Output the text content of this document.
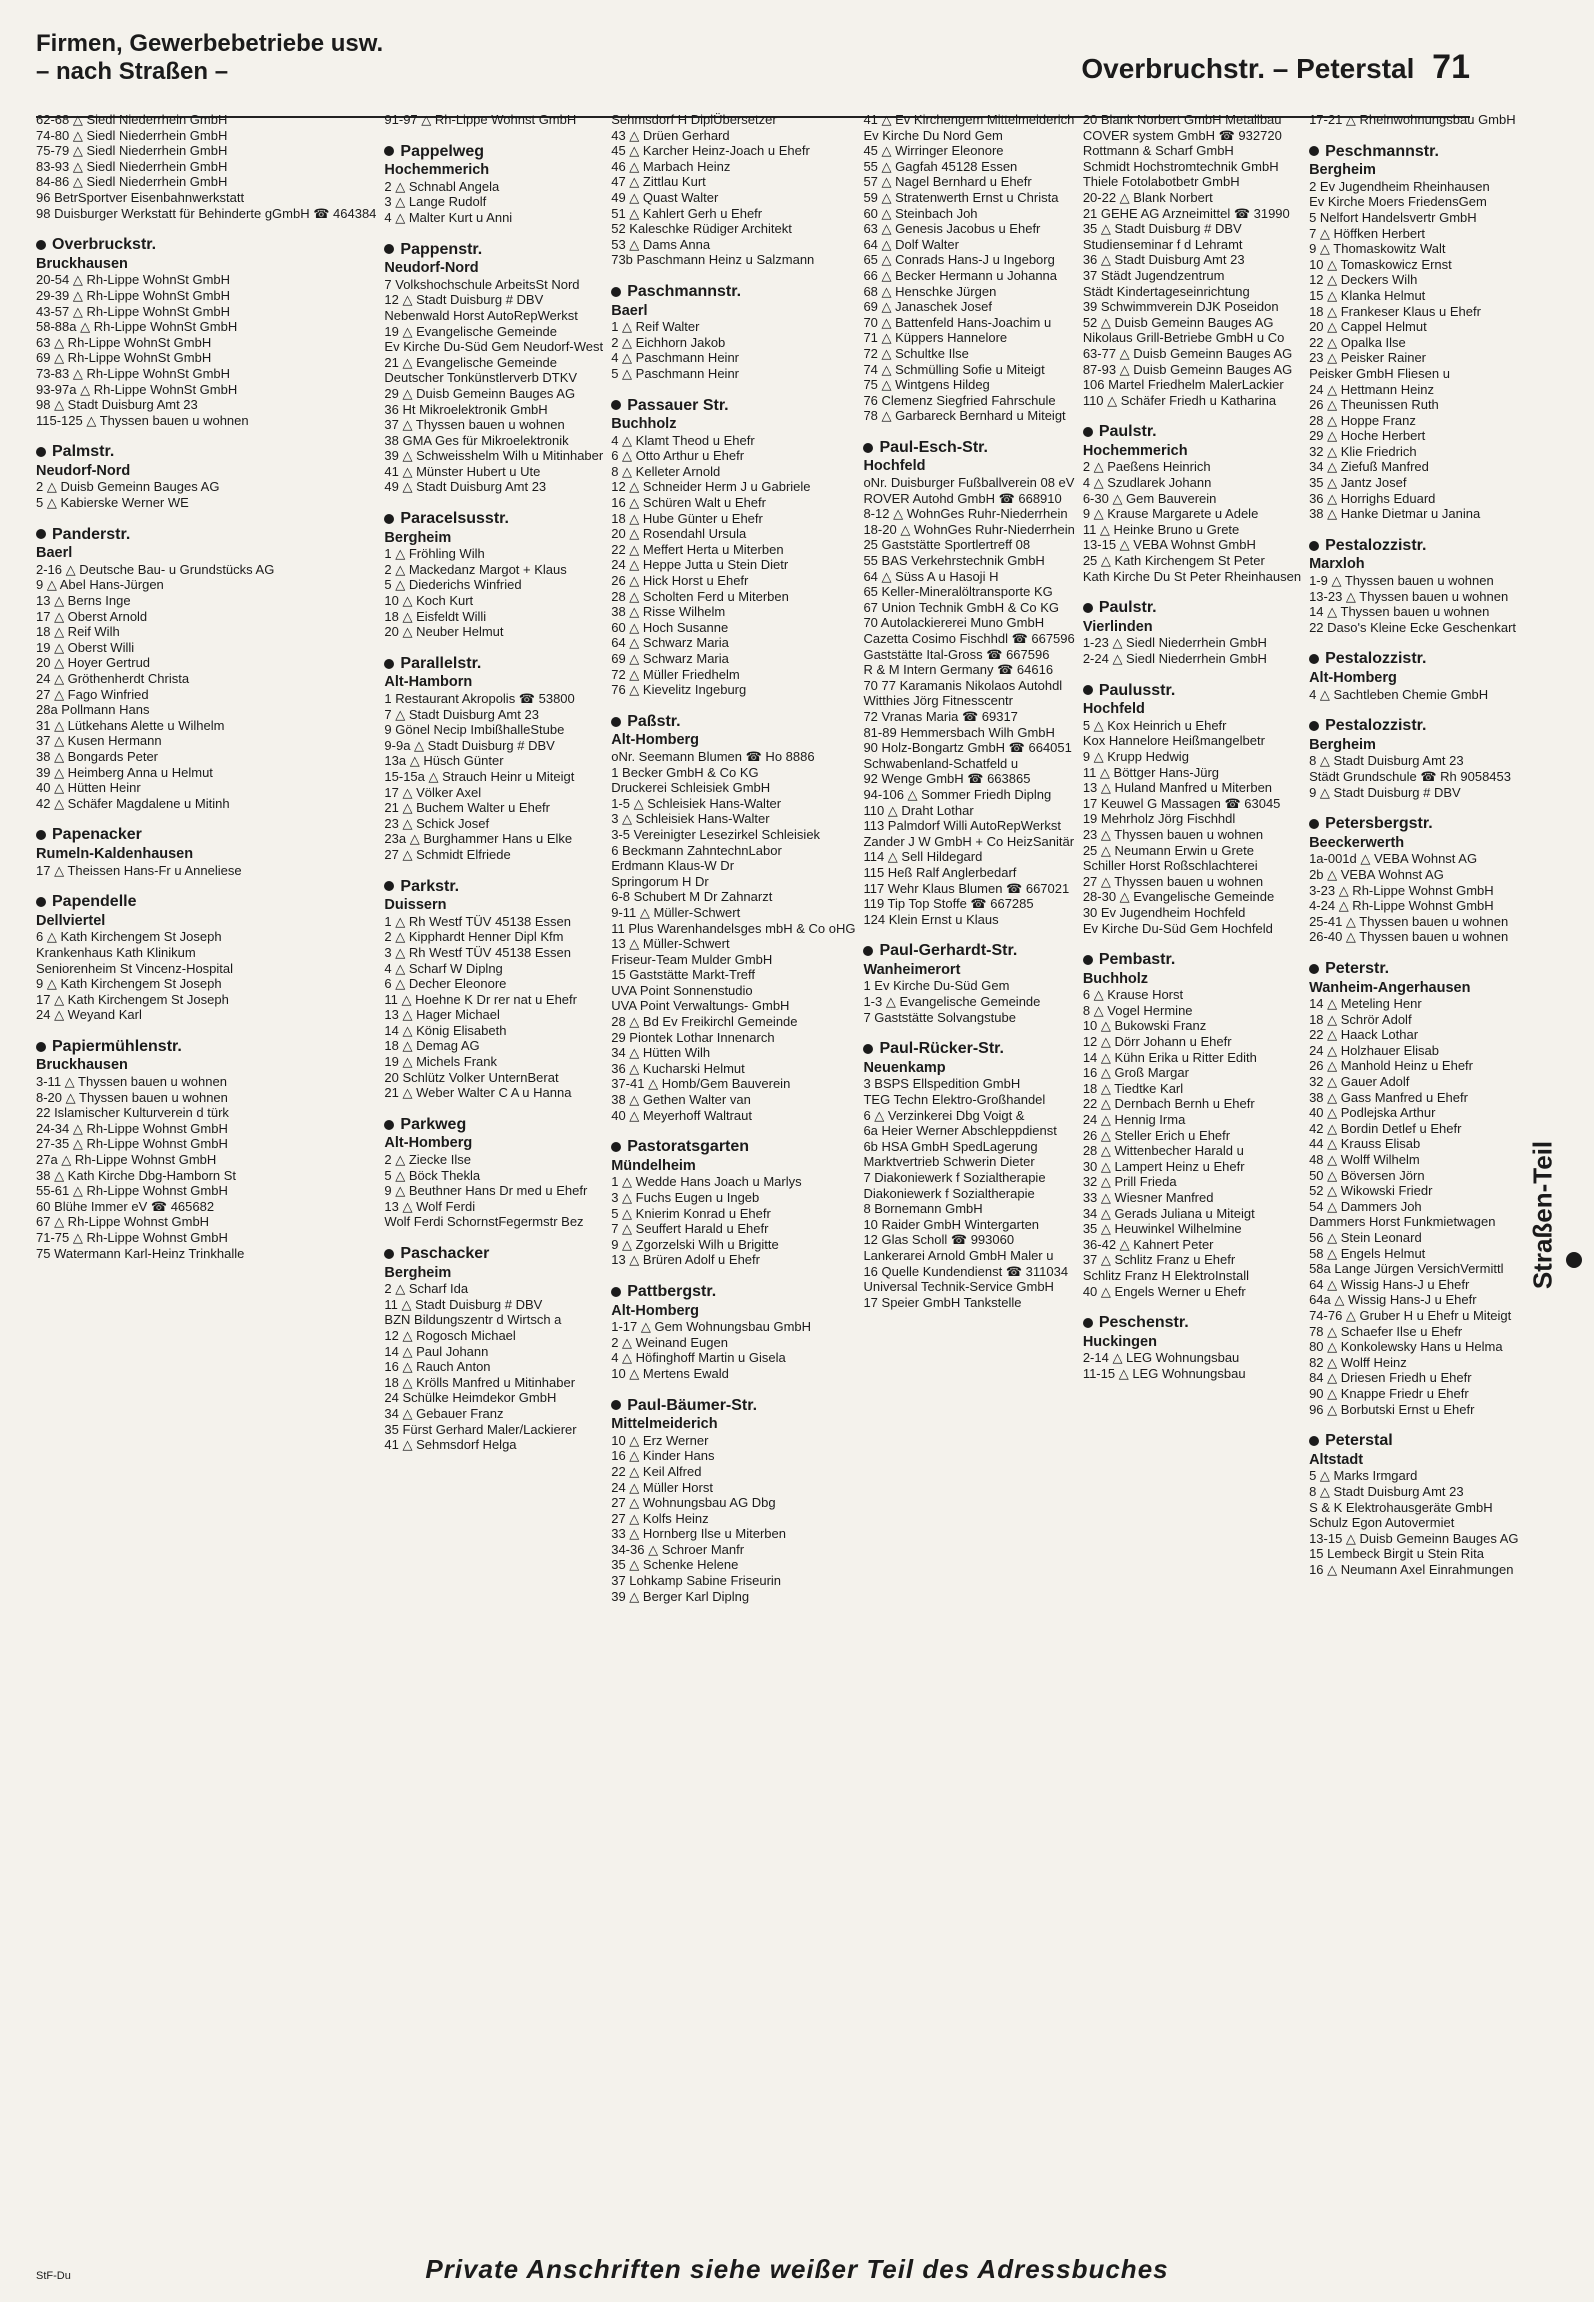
Firmen, Gewerbebetriebe usw.
– nach Straßen –	Overbruchstr. – Peterstal 71
62-68 △ Siedl Niederrhein GmbH
74-80 △ Siedl Niederrhein GmbH
75-79 △ Siedl Niederrhein GmbH
83-93 △ Siedl Niederrhein GmbH
84-86 △ Siedl Niederrhein GmbH
96 BetrSportver Eisenbahnwerkstatt
98 Duisburger Werkstatt für Behinderte gGmbH ☎ 464384
Overbruckstr.
Bruckhausen
20-54 △ Rh-Lippe WohnSt GmbH
29-39 △ Rh-Lippe WohnSt GmbH
43-57 △ Rh-Lippe WohnSt GmbH
58-88a △ Rh-Lippe WohnSt GmbH
63 △ Rh-Lippe WohnSt GmbH
69 △ Rh-Lippe WohnSt GmbH
73-83 △ Rh-Lippe WohnSt GmbH
93-97a △ Rh-Lippe WohnSt GmbH
98 △ Stadt Duisburg Amt 23
115-125 △ Thyssen bauen u wohnen
Palmstr.
Neudorf-Nord
2 △ Duisb Gemeinn Bauges AG
5 △ Kabierske Werner WE
Panderstr.
Baerl
2-16 △ Deutsche Bau- u Grundstücks AG
9 △ Abel Hans-Jürgen
13 △ Berns Inge
17 △ Oberst Arnold
18 △ Reif Wilh
19 △ Oberst Willi
20 △ Hoyer Gertrud
24 △ Gröthenherdt Christa
27 △ Fago Winfried
28a Pollmann Hans
31 △ Lütkehans Alette u Wilhelm
37 △ Kusen Hermann
38 △ Bongards Peter
39 △ Heimberg Anna u Helmut
40 △ Hütten Heinr
42 △ Schäfer Magdalene u Mitinh
Papenacker
Rumeln-Kaldenhausen
17 △ Theissen Hans-Fr u Anneliese
Papendelle
Dellviertel
6 △ Kath Kirchengem St Joseph
Krankenhaus Kath Klinikum
Seniorenheim St Vincenz-Hospital
9 △ Kath Kirchengem St Joseph
17 △ Kath Kirchengem St Joseph
24 △ Weyand Karl
Papiermühlenstr.
Bruckhausen
3-11 △ Thyssen bauen u wohnen
8-20 △ Thyssen bauen u wohnen
22 Islamischer Kulturverein d türk
24-34 △ Rh-Lippe Wohnst GmbH
27-35 △ Rh-Lippe Wohnst GmbH
27a △ Rh-Lippe Wohnst GmbH
38 △ Kath Kirche Dbg-Hamborn St
55-61 △ Rh-Lippe Wohnst GmbH
60 Blühe Immer eV ☎ 465682
67 △ Rh-Lippe Wohnst GmbH
71-75 △ Rh-Lippe Wohnst GmbH
75 Watermann Karl-Heinz Trinkhalle
91-97 △ Rh-Lippe Wohnst GmbH
Pappelweg
Hochemmerich
2 △ Schnabl Angela
3 △ Lange Rudolf
4 △ Malter Kurt u Anni
Pappenstr.
Neudorf-Nord
7 Volkshochschule ArbeitsSt Nord
12 △ Stadt Duisburg # DBV
Nebenwald Horst AutoRepWerkst
19 △ Evangelische Gemeinde
Ev Kirche Du-Süd Gem Neudorf-West
21 △ Evangelische Gemeinde
Deutscher Tonkünstlerverb DTKV
29 △ Duisb Gemeinn Bauges AG
36 Ht Mikroelektronik GmbH
37 △ Thyssen bauen u wohnen
38 GMA Ges für Mikroelektronik
39 △ Schweisshelm Wilh u Mitinhaber
41 △ Münster Hubert u Ute
49 △ Stadt Duisburg Amt 23
Paracelsusstr.
Bergheim
1 △ Fröhling Wilh
2 △ Mackedanz Margot + Klaus
5 △ Diederichs Winfried
10 △ Koch Kurt
18 △ Eisfeldt Willi
20 △ Neuber Helmut
Parallelstr.
Alt-Hamborn
1 Restaurant Akropolis ☎ 53800
7 △ Stadt Duisburg Amt 23
9 Gönel Necip ImbißhalleStube
9-9a △ Stadt Duisburg # DBV
13a △ Hüsch Günter
15-15a △ Strauch Heinr u Miteigt
17 △ Völker Axel
21 △ Buchem Walter u Ehefr
23 △ Schick Josef
23a △ Burghammer Hans u Elke
27 △ Schmidt Elfriede
Parkstr.
Duissern
1 △ Rh Westf TÜV 45138 Essen
2 △ Kipphardt Henner Dipl Kfm
3 △ Rh Westf TÜV 45138 Essen
4 △ Scharf W Diplng
6 △ Decher Eleonore
11 △ Hoehne K Dr rer nat u Ehefr
13 △ Hager Michael
14 △ König Elisabeth
18 △ Demag AG
19 △ Michels Frank
20 Schlütz Volker UnternBerat
21 △ Weber Walter C A u Hanna
Parkweg
Alt-Homberg
2 △ Ziecke Ilse
5 △ Böck Thekla
9 △ Beuthner Hans Dr med u Ehefr
13 △ Wolf Ferdi
Wolf Ferdi SchornstFegermstr Bez
Paschacker
Bergheim
2 △ Scharf Ida
11 △ Stadt Duisburg # DBV
BZN Bildungszentr d Wirtsch a
12 △ Rogosch Michael
14 △ Paul Johann
16 △ Rauch Anton
18 △ Krölls Manfred u Mitinhaber
24 Schülke Heimdekor GmbH
34 △ Gebauer Franz
35 Fürst Gerhard Maler/Lackierer
41 △ Sehmsdorf Helga
Sehmsdorf H DiplÜbersetzer
43 △ Drüen Gerhard
45 △ Karcher Heinz-Joach u Ehefr
46 △ Marbach Heinz
47 △ Zittlau Kurt
49 △ Quast Walter
51 △ Kahlert Gerh u Ehefr
52 Kaleschke Rüdiger Architekt
53 △ Dams Anna
73b Paschmann Heinz u Salzmann
Paschmannstr.
Baerl
1 △ Reif Walter
2 △ Eichhorn Jakob
4 △ Paschmann Heinr
5 △ Paschmann Heinr
Passauer Str.
Buchholz
4 △ Klamt Theod u Ehefr
6 △ Otto Arthur u Ehefr
8 △ Kelleter Arnold
12 △ Schneider Herm J u Gabriele
16 △ Schüren Walt u Ehefr
18 △ Hube Günter u Ehefr
20 △ Rosendahl Ursula
22 △ Meffert Herta u Miterben
24 △ Heppe Jutta u Stein Dietr
26 △ Hick Horst u Ehefr
28 △ Scholten Ferd u Miterben
38 △ Risse Wilhelm
60 △ Hoch Susanne
64 △ Schwarz Maria
69 △ Schwarz Maria
72 △ Müller Friedhelm
76 △ Kievelitz Ingeburg
Paßstr.
Alt-Homberg
oNr. Seemann Blumen ☎ Ho 8886
1 Becker GmbH & Co KG
Druckerei Schleisiek GmbH
1-5 △ Schleisiek Hans-Walter
3 △ Schleisiek Hans-Walter
3-5 Vereinigter Lesezirkel Schleisiek
6 Beckmann ZahntechnLabor
Erdmann Klaus-W Dr
Springorum H Dr
6-8 Schubert M Dr Zahnarzt
9-11 △ Müller-Schwert
11 Plus Warenhandelsges mbH & Co oHG
13 △ Müller-Schwert
Friseur-Team Mulder GmbH
15 Gaststätte Markt-Treff
UVA Point Sonnenstudio
UVA Point Verwaltungs- GmbH
28 △ Bd Ev Freikirchl Gemeinde
29 Piontek Lothar Innenarch
34 △ Hütten Wilh
36 △ Kucharski Helmut
37-41 △ Homb/Gem Bauverein
38 △ Gethen Walter van
40 △ Meyerhoff Waltraut
Pastoratsgarten
Mündelheim
1 △ Wedde Hans Joach u Marlys
3 △ Fuchs Eugen u Ingeb
5 △ Knierim Konrad u Ehefr
7 △ Seuffert Harald u Ehefr
9 △ Zgorzelski Wilh u Brigitte
13 △ Brüren Adolf u Ehefr
Pattbergstr.
Alt-Homberg
1-17 △ Gem Wohnungsbau GmbH
2 △ Weinand Eugen
4 △ Höfinghoff Martin u Gisela
10 △ Mertens Ewald
Paul-Bäumer-Str.
Mittelmeiderich
10 △ Erz Werner
16 △ Kinder Hans
22 △ Keil Alfred
24 △ Müller Horst
27 △ Wohnungsbau AG Dbg
27 △ Kolfs Heinz
33 △ Hornberg Ilse u Miterben
34-36 △ Schroer Manfr
35 △ Schenke Helene
37 Lohkamp Sabine Friseurin
39 △ Berger Karl Diplng
41 △ Ev Kirchengem Mittelmeiderich
Ev Kirche Du Nord Gem
45 △ Wirringer Eleonore
55 △ Gagfah 45128 Essen
57 △ Nagel Bernhard u Ehefr
59 △ Stratenwerth Ernst u Christa
60 △ Steinbach Joh
63 △ Genesis Jacobus u Ehefr
64 △ Dolf Walter
65 △ Conrads Hans-J u Ingeborg
66 △ Becker Hermann u Johanna
68 △ Henschke Jürgen
69 △ Janaschek Josef
70 △ Battenfeld Hans-Joachim u
71 △ Küppers Hannelore
72 △ Schultke Ilse
74 △ Schmülling Sofie u Miteigt
75 △ Wintgens Hildeg
76 Clemenz Siegfried Fahrschule
78 △ Garbareck Bernhard u Miteigt
Paul-Esch-Str.
Hochfeld
oNr. Duisburger Fußballverein 08 eV
ROVER Autohd GmbH ☎ 668910
8-12 △ WohnGes Ruhr-Niederrhein
18-20 △ WohnGes Ruhr-Niederrhein
25 Gaststätte Sportlertreff 08
55 BAS Verkehrstechnik GmbH
64 △ Süss A u Hasoji H
65 Keller-Mineralöltransporte KG
67 Union Technik GmbH & Co KG
70 Autolackiererei Muno GmbH
Cazetta Cosimo Fischhdl ☎ 667596
Gaststätte Ital-Gross ☎ 667596
R & M Intern Germany ☎ 64616
70 77 Karamanis Nikolaos Autohdl
Witthies Jörg Fitnesscentr
72 Vranas Maria ☎ 69317
81-89 Hemmersbach Wilh GmbH
90 Holz-Bongartz GmbH ☎ 664051
Schwabenland-Schatfeld u
92 Wenge GmbH ☎ 663865
94-106 △ Sommer Friedh Diplng
110 △ Draht Lothar
113 Palmdorf Willi AutoRepWerkst
Zander J W GmbH + Co HeizSanitär
114 △ Sell Hildegard
115 Heß Ralf Anglerbedarf
117 Wehr Klaus Blumen ☎ 667021
119 Tip Top Stoffe ☎ 667285
124 Klein Ernst u Klaus
Paul-Gerhardt-Str.
Wanheimerort
1 Ev Kirche Du-Süd Gem
1-3 △ Evangelische Gemeinde
7 Gaststätte Solvangstube
Paul-Rücker-Str.
Neuenkamp
3 BSPS Ellspedition GmbH
TEG Techn Elektro-Großhandel
6 △ Verzinkerei Dbg Voigt &
6a Heier Werner Abschleppdienst
6b HSA GmbH SpedLagerung
Marktvertrieb Schwerin Dieter
7 Diakoniewerk f Sozialtherapie
Diakoniewerk f Sozialtherapie
8 Bornemann GmbH
10 Raider GmbH Wintergarten
12 Glas Scholl ☎ 993060
Lankerarei Arnold GmbH Maler u
16 Quelle Kundendienst ☎ 311034
Universal Technik-Service GmbH
17 Speier GmbH Tankstelle
20 Blank Norbert GmbH Metallbau
COVER system GmbH ☎ 932720
Rottmann & Scharf GmbH
Schmidt Hochstromtechnik GmbH
Thiele Fotolabotbetr GmbH
20-22 △ Blank Norbert
21 GEHE AG Arzneimittel ☎ 31990
35 △ Stadt Duisburg # DBV
Studienseminar f d Lehramt
36 △ Stadt Duisburg Amt 23
37 Städt Jugendzentrum
Städt Kindertageseinrichtung
39 Schwimmverein DJK Poseidon
52 △ Duisb Gemeinn Bauges AG
Nikolaus Grill-Betriebe GmbH u Co
63-77 △ Duisb Gemeinn Bauges AG
87-93 △ Duisb Gemeinn Bauges AG
106 Martel Friedhelm MalerLackier
110 △ Schäfer Friedh u Katharina
Paulstr.
Hochemmerich
2 △ Paeßens Heinrich
4 △ Szudlarek Johann
6-30 △ Gem Bauverein
9 △ Krause Margarete u Adele
11 △ Heinke Bruno u Grete
13-15 △ VEBA Wohnst GmbH
25 △ Kath Kirchengem St Peter
Kath Kirche Du St Peter Rheinhausen
Paulstr.
Vierlinden
1-23 △ Siedl Niederrhein GmbH
2-24 △ Siedl Niederrhein GmbH
Paulusstr.
Hochfeld
5 △ Kox Heinrich u Ehefr
Kox Hannelore Heißmangelbetr
9 △ Krupp Hedwig
11 △ Böttger Hans-Jürg
13 △ Huland Manfred u Miterben
17 Keuwel G Massagen ☎ 63045
19 Mehrholz Jörg Fischhdl
23 △ Thyssen bauen u wohnen
25 △ Neumann Erwin u Grete
Schiller Horst Roßschlachterei
27 △ Thyssen bauen u wohnen
28-30 △ Evangelische Gemeinde
30 Ev Jugendheim Hochfeld
Ev Kirche Du-Süd Gem Hochfeld
Pembastr.
Buchholz
6 △ Krause Horst
8 △ Vogel Hermine
10 △ Bukowski Franz
12 △ Dörr Johann u Ehefr
14 △ Kühn Erika u Ritter Edith
16 △ Groß Margar
18 △ Tiedtke Karl
22 △ Dernbach Bernh u Ehefr
24 △ Hennig Irma
26 △ Steller Erich u Ehefr
28 △ Wittenbecher Harald u
30 △ Lampert Heinz u Ehefr
32 △ Prill Frieda
33 △ Wiesner Manfred
34 △ Gerads Juliana u Miteigt
35 △ Heuwinkel Wilhelmine
36-42 △ Kahnert Peter
37 △ Schlitz Franz u Ehefr
Schlitz Franz H ElektroInstall
40 △ Engels Werner u Ehefr
Peschenstr.
Huckingen
2-14 △ LEG Wohnungsbau
11-15 △ LEG Wohnungsbau
17-21 △ Rheinwohnungsbau GmbH
Peschmannstr.
Bergheim
2 Ev Jugendheim Rheinhausen
Ev Kirche Moers FriedensGem
5 Nelfort Handelsvertr GmbH
7 △ Höffken Herbert
9 △ Thomaskowitz Walt
10 △ Tomaskowicz Ernst
12 △ Deckers Wilh
15 △ Klanka Helmut
18 △ Frankeser Klaus u Ehefr
20 △ Cappel Helmut
22 △ Opalka Ilse
23 △ Peisker Rainer
Peisker GmbH Fliesen u
24 △ Hettmann Heinz
26 △ Theunissen Ruth
28 △ Hoppe Franz
29 △ Hoche Herbert
32 △ Klie Friedrich
34 △ Ziefuß Manfred
35 △ Jantz Josef
36 △ Horrighs Eduard
38 △ Hanke Dietmar u Janina
Pestalozzistr.
Marxloh
1-9 △ Thyssen bauen u wohnen
13-23 △ Thyssen bauen u wohnen
14 △ Thyssen bauen u wohnen
22 Daso's Kleine Ecke Geschenkart
Pestalozzistr.
Alt-Homberg
4 △ Sachtleben Chemie GmbH
Pestalozzistr.
Bergheim
8 △ Stadt Duisburg Amt 23
Städt Grundschule ☎ Rh 9058453
9 △ Stadt Duisburg # DBV
Petersbergstr.
Beeckerwerth
1a-001d △ VEBA Wohnst AG
2b △ VEBA Wohnst AG
3-23 △ Rh-Lippe Wohnst GmbH
4-24 △ Rh-Lippe Wohnst GmbH
25-41 △ Thyssen bauen u wohnen
26-40 △ Thyssen bauen u wohnen
Peterstr.
Wanheim-Angerhausen
14 △ Meteling Henr
18 △ Schrör Adolf
22 △ Haack Lothar
24 △ Holzhauer Elisab
26 △ Manhold Heinz u Ehefr
32 △ Gauer Adolf
38 △ Gass Manfred u Ehefr
40 △ Podlejska Arthur
42 △ Bordin Detlef u Ehefr
44 △ Krauss Elisab
48 △ Wolff Wilhelm
50 △ Böversen Jörn
52 △ Wikowski Friedr
54 △ Dammers Joh
Dammers Horst Funkmietwagen
56 △ Stein Leonard
58 △ Engels Helmut
58a Lange Jürgen VersichVermittl
64 △ Wissig Hans-J u Ehefr
64a △ Wissig Hans-J u Ehefr
74-76 △ Gruber H u Ehefr u Miteigt
78 △ Schaefer Ilse u Ehefr
80 △ Konkolewsky Hans u Helma
82 △ Wolff Heinz
84 △ Driesen Friedh u Ehefr
90 △ Knappe Friedr u Ehefr
96 △ Borbutski Ernst u Ehefr
Peterstal
Altstadt
5 △ Marks Irmgard
8 △ Stadt Duisburg Amt 23
S & K Elektrohausgeräte GmbH
Schulz Egon Autovermiet
13-15 △ Duisb Gemeinn Bauges AG
15 Lembeck Birgit u Stein Rita
16 △ Neumann Axel Einrahmungen
Straßen-Teil
StF-Du	Private Anschriften siehe weißer Teil des Adressbuches
